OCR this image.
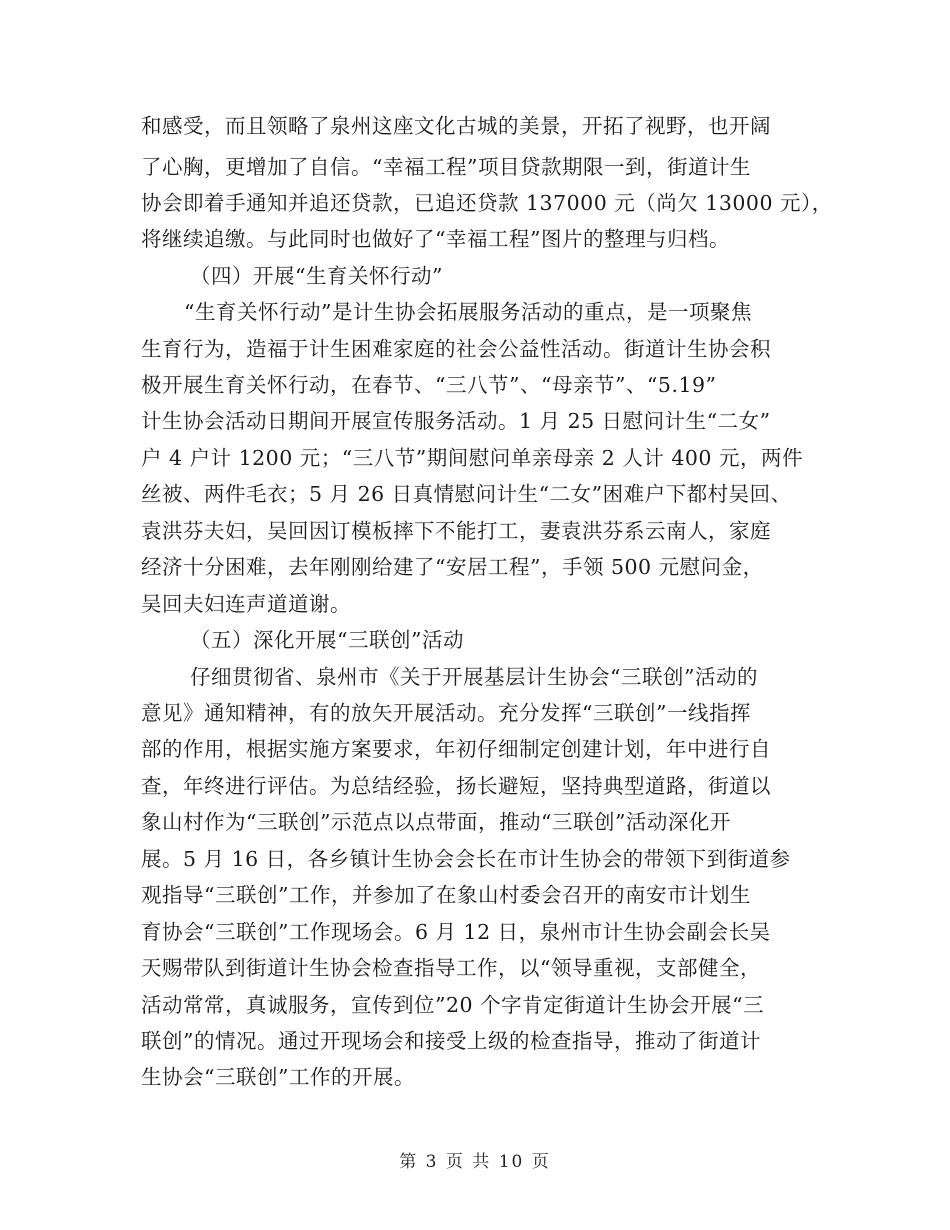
和感受，而且领略了泉州这座文化古城的美景，开拓了视野，也开阔
了心胸，更增加了自信。“幸福工程”项目贷款期限一到，街道计生
协会即着手通知并追还贷款，已追还贷款 137000 元（尚欠 13000 元），
将继续追缴。与此同时也做好了“幸福工程”图片的整理与归档。
（四）开展“生育关怀行动”
“生育关怀行动”是计生协会拓展服务活动的重点，是一项聚焦
生育行为，造福于计生困难家庭的社会公益性活动。街道计生协会积
极开展生育关怀行动，在春节、“三八节”、“母亲节”、“5.19”
计生协会活动日期间开展宣传服务活动。1 月 25 日慰问计生“二女”
户 4 户计 1200 元；“三八节”期间慰问单亲母亲 2 人计 400 元，两件
丝被、两件毛衣；5 月 26 日真情慰问计生“二女”困难户下都村吴回、
袁洪芬夫妇，吴回因订模板摔下不能打工，妻袁洪芬系云南人，家庭
经济十分困难，去年刚刚给建了“安居工程”，手领 500 元慰问金，
吴回夫妇连声道道谢。
（五）深化开展“三联创”活动
仔细贯彻省、泉州市《关于开展基层计生协会“三联创”活动的
意见》通知精神，有的放矢开展活动。充分发挥“三联创”一线指挥
部的作用，根据实施方案要求，年初仔细制定创建计划，年中进行自
查，年终进行评估。为总结经验，扬长避短，坚持典型道路，街道以
象山村作为“三联创”示范点以点带面，推动“三联创”活动深化开
展。5 月 16 日，各乡镇计生协会会长在市计生协会的带领下到街道参
观指导“三联创”工作，并参加了在象山村委会召开的南安市计划生
育协会“三联创”工作现场会。6 月 12 日，泉州市计生协会副会长吴
天赐带队到街道计生协会检查指导工作，以“领导重视，支部健全，
活动常常，真诚服务，宣传到位”20 个字肯定街道计生协会开展“三
联创”的情况。通过开现场会和接受上级的检查指导，推动了街道计
生协会“三联创”工作的开展。
第 3 页 共 10 页
